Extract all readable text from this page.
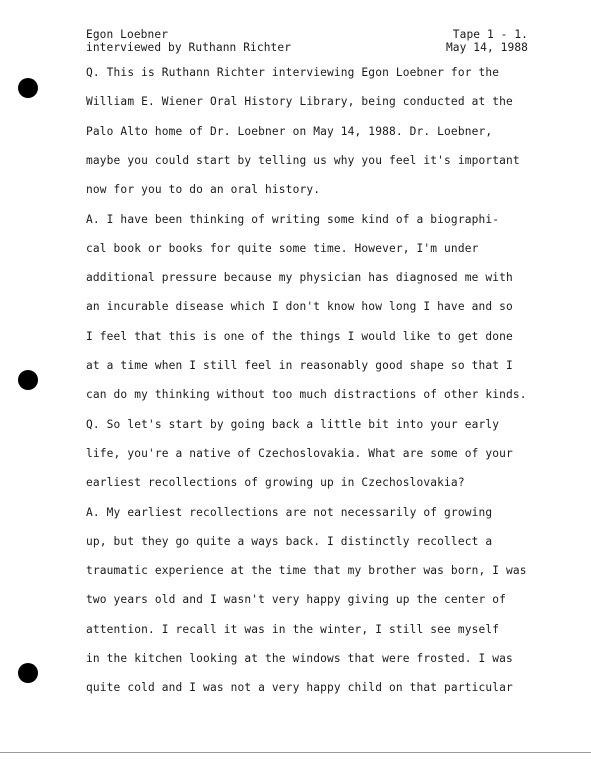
Egon Loebner
interviewed by Ruthann Richter
Tape 1 - 1.
May 14, 1988
Q. This is Ruthann Richter interviewing Egon Loebner for the
William E. Wiener Oral History Library, being conducted at the
Palo Alto home of Dr. Loebner on May 14, 1988. Dr. Loebner,
maybe you could start by telling us why you feel it's important
now for you to do an oral history.
A. I have been thinking of writing some kind of a biographi-
cal book or books for quite some time. However, I'm under
additional pressure because my physician has diagnosed me with
an incurable disease which I don't know how long I have and so
I feel that this is one of the things I would like to get done
at a time when I still feel in reasonably good shape so that I
can do my thinking without too much distractions of other kinds.
Q. So let's start by going back a little bit into your early
life, you're a native of Czechoslovakia. What are some of your
earliest recollections of growing up in Czechoslovakia?
A. My earliest recollections are not necessarily of growing
up, but they go quite a ways back. I distinctly recollect a
traumatic experience at the time that my brother was born, I was
two years old and I wasn't very happy giving up the center of
attention. I recall it was in the winter, I still see myself
in the kitchen looking at the windows that were frosted. I was
quite cold and I was not a very happy child on that particular
